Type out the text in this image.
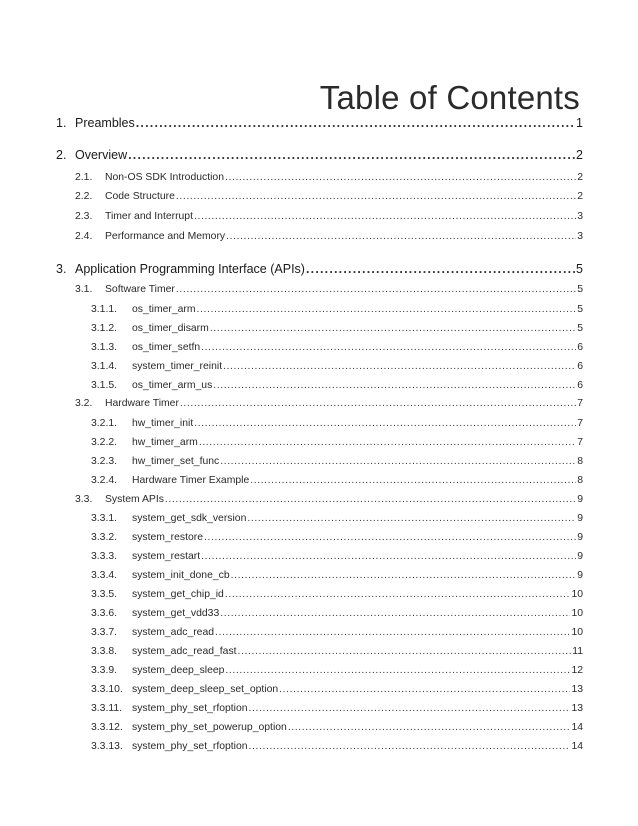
Table of Contents
1. Preambles .....	1
2. Overview .....	2
2.1.	Non-OS SDK Introduction .....	2
2.2.	Code Structure .....	2
2.3.	Timer and Interrupt .....	3
2.4.	Performance and Memory .....	3
3. Application Programming Interface (APIs) .....	5
3.1.	Software Timer .....	5
3.1.1.	os_timer_arm .....	5
3.1.2.	os_timer_disarm .....	5
3.1.3.	os_timer_setfn .....	6
3.1.4.	system_timer_reinit .....	6
3.1.5.	os_timer_arm_us .....	6
3.2.	Hardware Timer .....	7
3.2.1.	hw_timer_init .....	7
3.2.2.	hw_timer_arm .....	7
3.2.3.	hw_timer_set_func .....	8
3.2.4.	Hardware Timer Example .....	8
3.3.	System APIs .....	9
3.3.1.	system_get_sdk_version .....	9
3.3.2.	system_restore .....	9
3.3.3.	system_restart .....	9
3.3.4.	system_init_done_cb .....	9
3.3.5.	system_get_chip_id .....	10
3.3.6.	system_get_vdd33 .....	10
3.3.7.	system_adc_read .....	10
3.3.8.	system_adc_read_fast .....	11
3.3.9.	system_deep_sleep .....	12
3.3.10. system_deep_sleep_set_option .....	13
3.3.11. system_phy_set_rfoption .....	13
3.3.12. system_phy_set_powerup_option .....	14
3.3.13. system_phy_set_rfoption .....	14
